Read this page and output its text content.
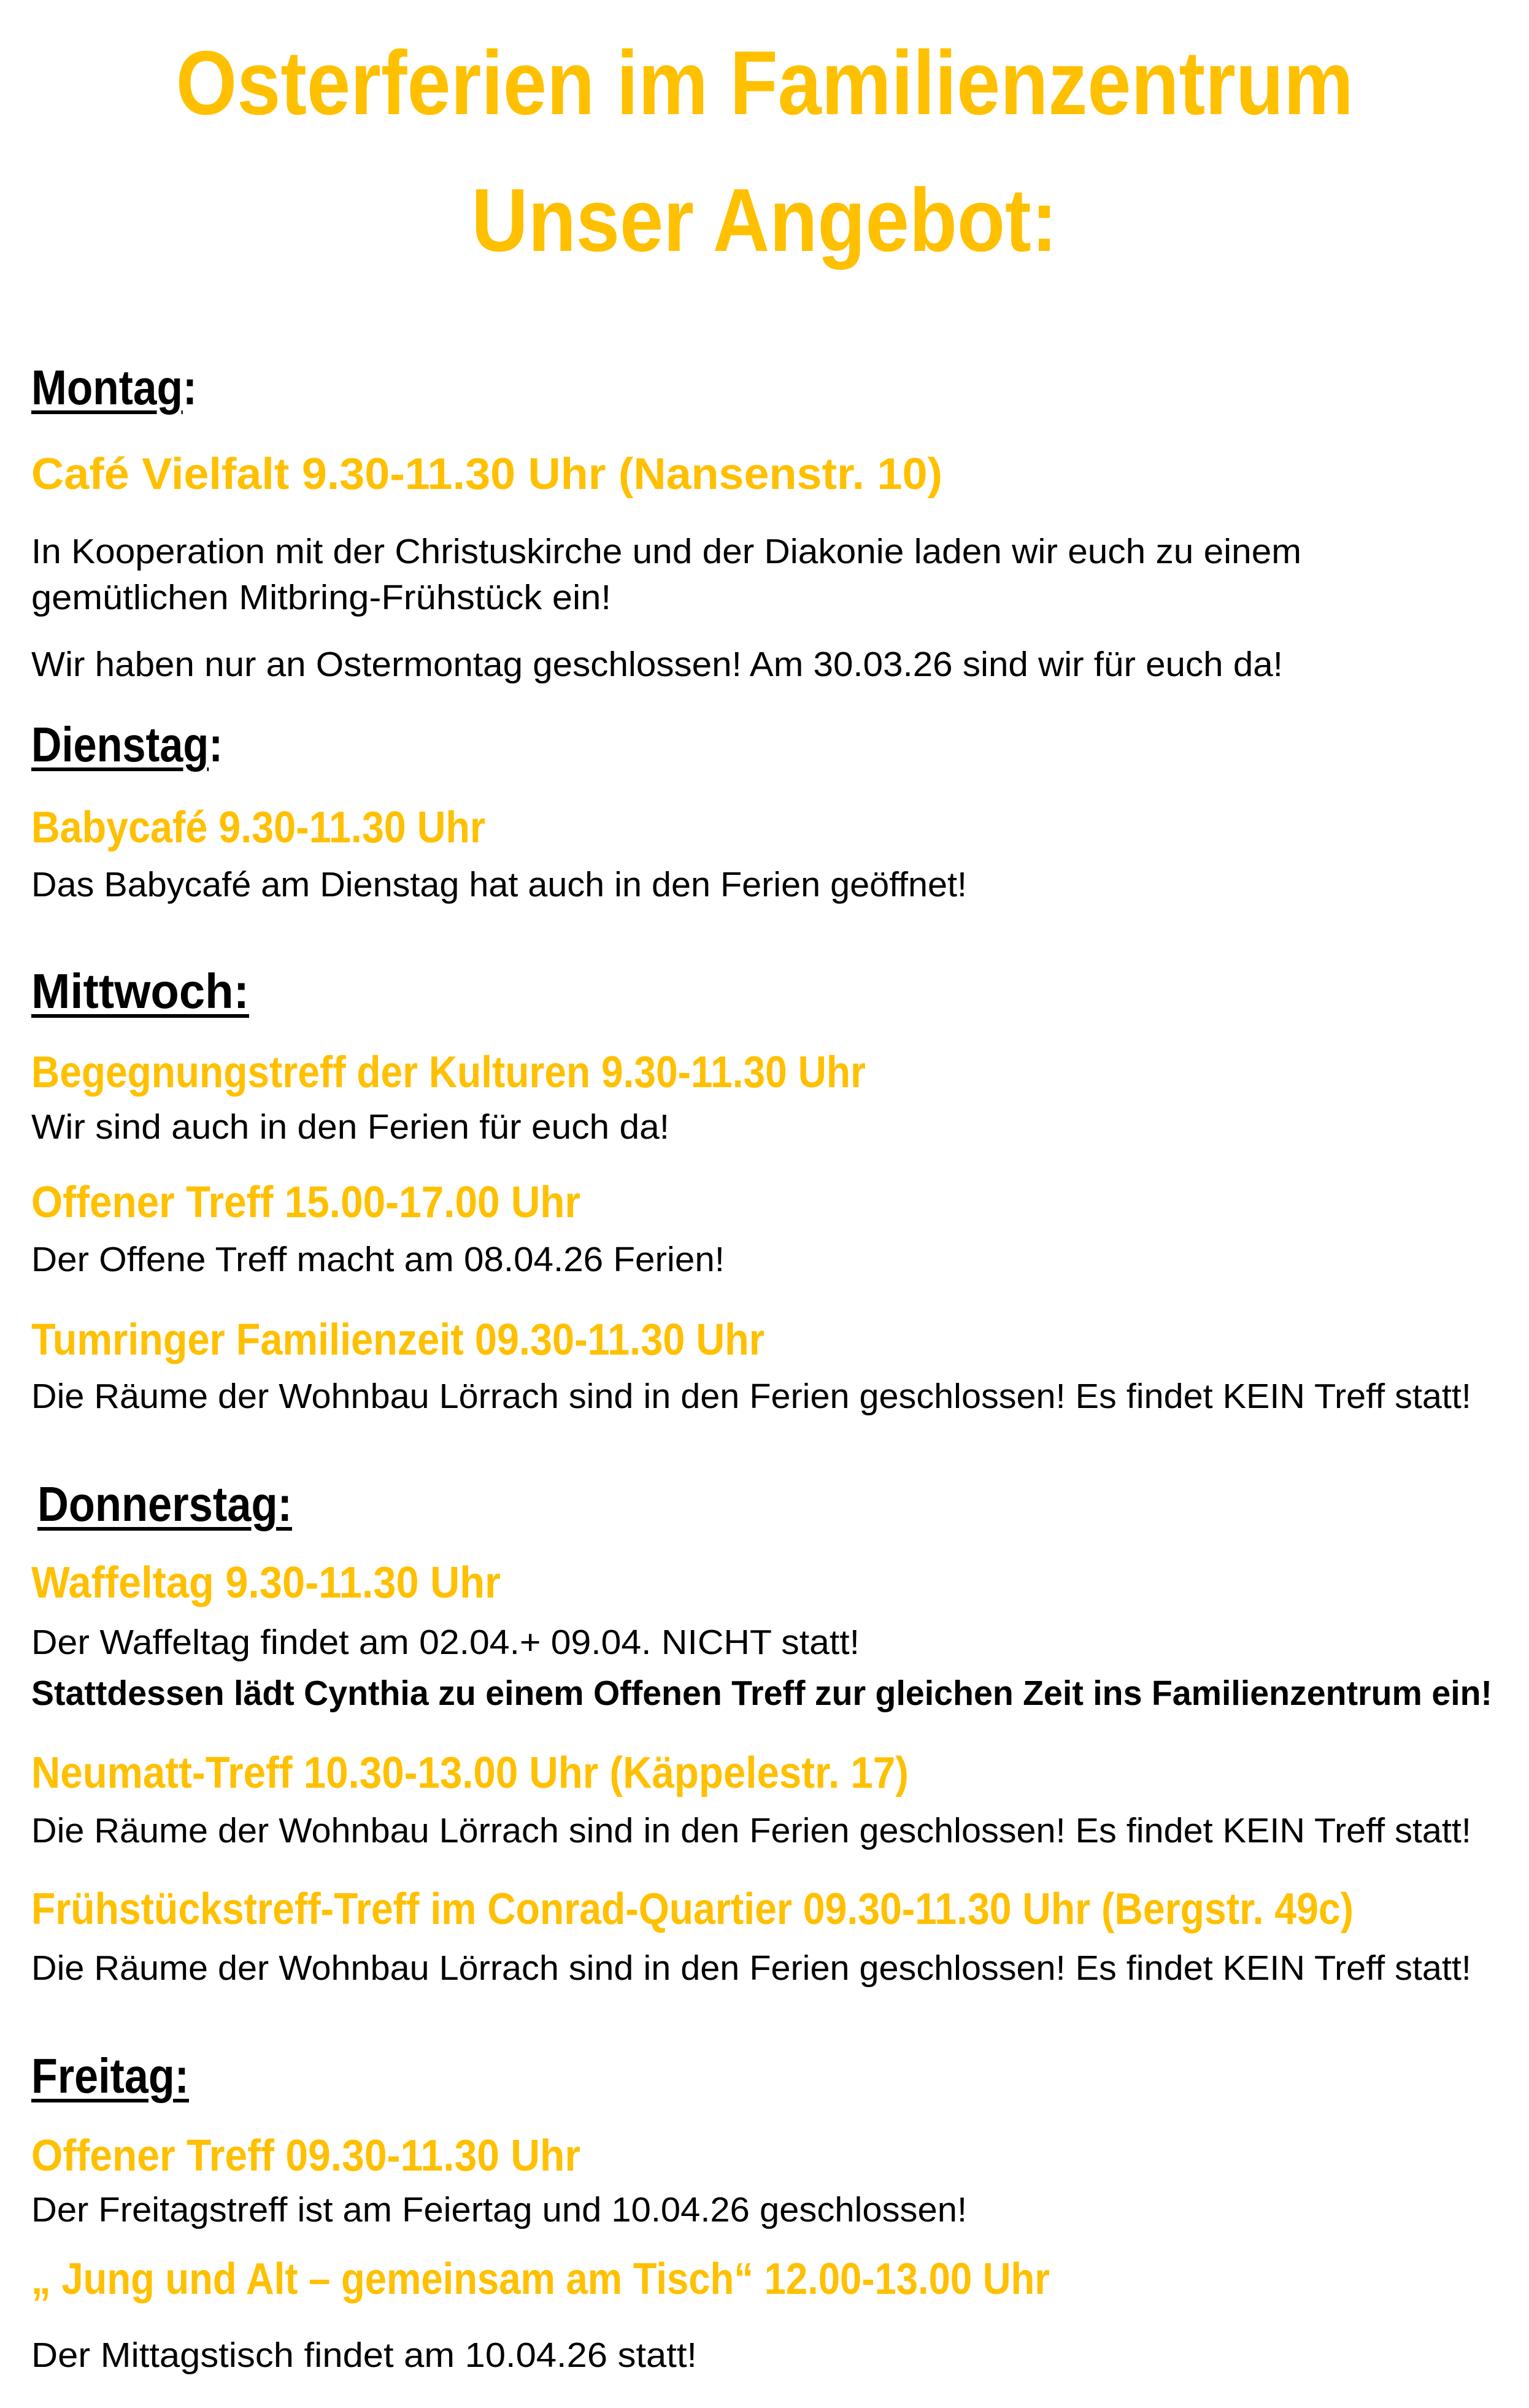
Osterferien im Familienzentrum
Unser Angebot:
Montag:
Café Vielfalt 9.30-11.30 Uhr (Nansenstr. 10)
In Kooperation mit der Christuskirche und der Diakonie laden wir euch zu einem
gemütlichen Mitbring-Frühstück ein!
Wir haben nur an Ostermontag geschlossen! Am 30.03.26 sind wir für euch da!
Dienstag:
Babycafé 9.30-11.30 Uhr
Das Babycafé am Dienstag hat auch in den Ferien geöffnet!
Mittwoch:
Begegnungstreff der Kulturen 9.30-11.30 Uhr
Wir sind auch in den Ferien für euch da!
Offener Treff 15.00-17.00 Uhr
Der Offene Treff macht am 08.04.26 Ferien!
Tumringer Familienzeit 09.30-11.30 Uhr
Die Räume der Wohnbau Lörrach sind in den Ferien geschlossen! Es findet KEIN Treff statt!
Donnerstag:
Waffeltag 9.30-11.30 Uhr
Der Waffeltag findet am 02.04.+ 09.04. NICHT statt!
Stattdessen lädt Cynthia zu einem Offenen Treff zur gleichen Zeit ins Familienzentrum ein!
Neumatt-Treff 10.30-13.00 Uhr (Käppelestr. 17)
Die Räume der Wohnbau Lörrach sind in den Ferien geschlossen! Es findet KEIN Treff statt!
Frühstückstreff-Treff im Conrad-Quartier 09.30-11.30 Uhr (Bergstr. 49c)
Die Räume der Wohnbau Lörrach sind in den Ferien geschlossen! Es findet KEIN Treff statt!
Freitag:
Offener Treff 09.30-11.30 Uhr
Der Freitagstreff ist am Feiertag und 10.04.26 geschlossen!
„ Jung und Alt – gemeinsam am Tisch“ 12.00-13.00 Uhr
Der Mittagstisch findet am 10.04.26 statt!
